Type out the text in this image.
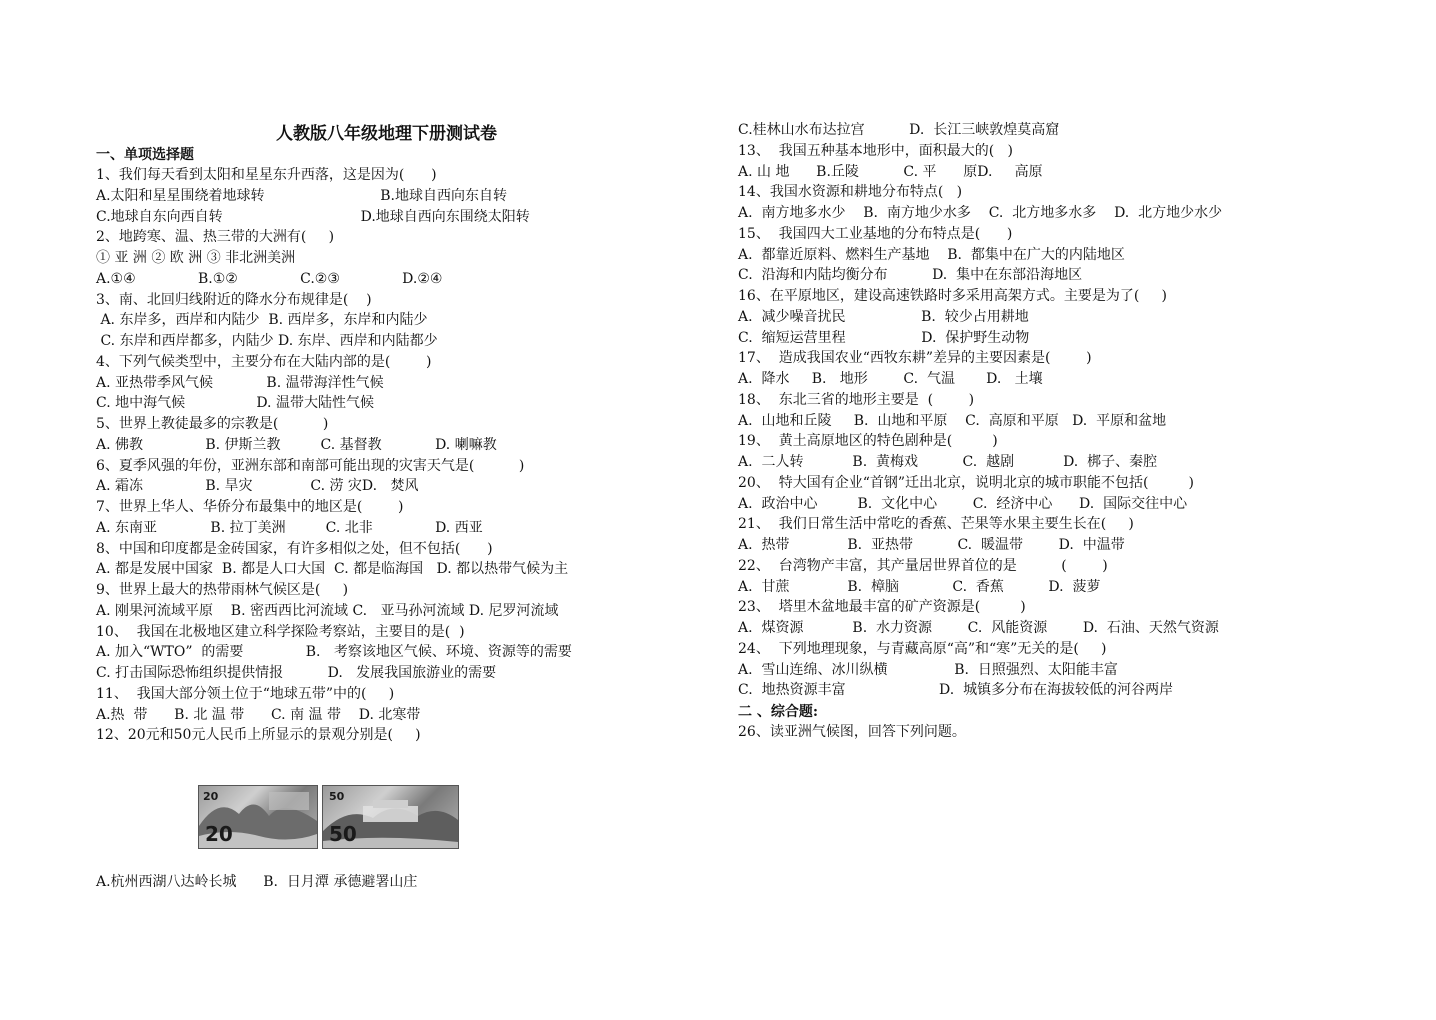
人教版八年级地理下册测试卷
一、单项选择题
1、我们每天看到太阳和星星东升西落，这是因为(      )
A.太阳和星星围绕着地球转                          B.地球自西向东自转
C.地球自东向西自转                               D.地球自西向东围绕太阳转
2、地跨寒、温、热三带的大洲有(     )
① 亚 洲 ② 欧 洲 ③ 非北洲美洲
A.①④              B.①②              C.②③              D.②④
3、南、北回归线附近的降水分布规律是(    )
A. 东岸多，西岸和内陆少  B. 西岸多，东岸和内陆少
C. 东岸和西岸都多，内陆少 D. 东岸、西岸和内陆都少
4、下列气候类型中，主要分布在大陆内部的是(        )
A. 亚热带季风气候            B. 温带海洋性气候
C. 地中海气候                D. 温带大陆性气候
5、世界上教徒最多的宗教是(          )
A. 佛教              B. 伊斯兰教         C. 基督教            D. 喇嘛教
6、夏季风强的年份，亚洲东部和南部可能出现的灾害天气是(          )
A. 霜冻              B. 旱灾             C. 涝 灾D.   焚风
7、世界上华人、华侨分布最集中的地区是(        )
A. 东南亚            B. 拉丁美洲         C. 北非              D. 西亚
8、中国和印度都是金砖国家，有许多相似之处，但不包括(      )
A. 都是发展中国家  B. 都是人口大国  C. 都是临海国   D. 都以热带气候为主
9、世界上最大的热带雨林气候区是(     )
A. 刚果河流域平原    B. 密西西比河流域 C.   亚马孙河流域 D. 尼罗河流域
10、  我国在北极地区建立科学探险考察站，主要目的是(  )
A. 加入“WTO”  的需要              B.   考察该地区气候、环境、资源等的需要
C. 打击国际恐怖组织提供情报          D.   发展我国旅游业的需要
11、  我国大部分领土位于“地球五带”中的(     )
A.热  带      B. 北 温 带      C. 南 温 带    D. 北寒带
12、20元和50元人民币上所显示的景观分别是(     )
20
20
50
50
A.杭州西湖八达岭长城      B.  日月潭 承德避署山庄
C.桂林山水布达拉宫          D.  长江三峡敦煌莫高窟
13、  我国五种基本地形中，面积最大的(   )
A. 山 地      B.丘陵          C. 平      原D.     高原
14、我国水资源和耕地分布特点(   )
A.  南方地多水少    B.  南方地少水多    C.  北方地多水多    D.  北方地少水少
15、  我国四大工业基地的分布特点是(      )
A.  都靠近原料、燃料生产基地    B.  都集中在广大的内陆地区
C.  沿海和内陆均衡分布          D.  集中在东部沿海地区
16、在平原地区，建设高速铁路时多采用高架方式。主要是为了(     )
A.  减少噪音扰民                 B.  较少占用耕地
C.  缩短运营里程                 D.  保护野生动物
17、  造成我国农业“西牧东耕”差异的主要因素是(        )
A.  降水     B.   地形        C.  气温       D.   土壤
18、  东北三省的地形主要是  (        )
A.  山地和丘陵     B.  山地和平原    C.  高原和平原   D.  平原和盆地
19、  黄土高原地区的特色剧种是(         )
A.  二人转           B.  黄梅戏          C.  越剧           D.  梆子、秦腔
20、  特大国有企业“首钢”迁出北京，说明北京的城市职能不包括(         )
A.  政治中心         B.  文化中心        C.  经济中心      D.  国际交往中心
21、  我们日常生活中常吃的香蕉、芒果等水果主要生长在(     )
A.  热带             B.  亚热带          C.  暖温带        D.  中温带
22、  台湾物产丰富，其产量居世界首位的是          (        )
A.  甘蔗             B.  樟脑            C.  香蕉          D.  菠萝
23、  塔里木盆地最丰富的矿产资源是(         )
A.  煤资源           B.  水力资源        C.  风能资源        D.  石油、天然气资源
24、  下列地理现象，与青藏高原“高”和“寒”无关的是(     )
A.  雪山连绵、冰川纵横               B.  日照强烈、太阳能丰富
C.  地热资源丰富                     D.  城镇多分布在海拔较低的河谷两岸
二 、综合题:
26、读亚洲气候图，回答下列问题。
